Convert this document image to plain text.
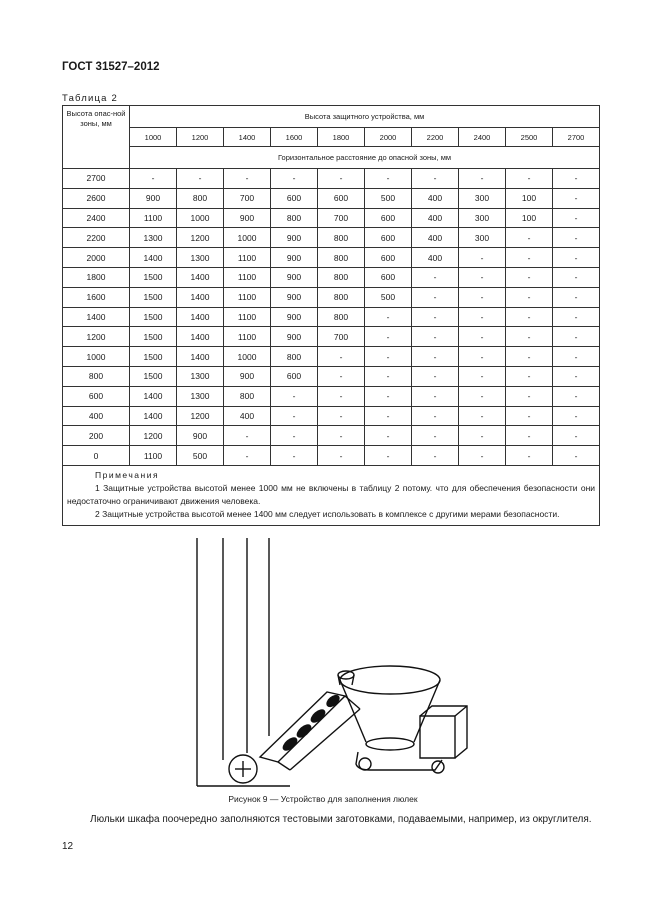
ГОСТ 31527–2012
Таблица 2
Высота опас-ной зоны, мм	Высота защитного устройства, мм									
	1000	1200	1400	1600	1800	2000	2200	2400	2500	2700
	Горизонтальное расстояние до опасной зоны, мм									
2700	-	-	-	-	-	-	-	-	-	-
2600	900	800	700	600	600	500	400	300	100	-
2400	1100	1000	900	800	700	600	400	300	100	-
2200	1300	1200	1000	900	800	600	400	300	-	-
2000	1400	1300	1100	900	800	600	400	-	-	-
1800	1500	1400	1100	900	800	600	-	-	-	-
1600	1500	1400	1100	900	800	500	-	-	-	-
1400	1500	1400	1100	900	800	-	-	-	-	-
1200	1500	1400	1100	900	700	-	-	-	-	-
1000	1500	1400	1000	800	-	-	-	-	-	-
800	1500	1300	900	600	-	-	-	-	-	-
600	1400	1300	800	-	-	-	-	-	-	-
400	1400	1200	400	-	-	-	-	-	-	-
200	1200	900	-	-	-	-	-	-	-	-
0	1100	500	-	-	-	-	-	-	-	-

Примечания
1 Защитные устройства высотой менее 1000 мм не включены в таблицу 2 потому. что для обеспечения безопасности они недостаточно ограничивают движения человека.
2 Защитные устройства высотой менее 1400 мм следует использовать в комплексе с другими мерами безопасности.										
Рисунок 9 — Устройство для заполнения люлек
Люльки шкафа поочередно заполняются тестовыми заготовками, подаваемыми, например, из округлителя.
12
